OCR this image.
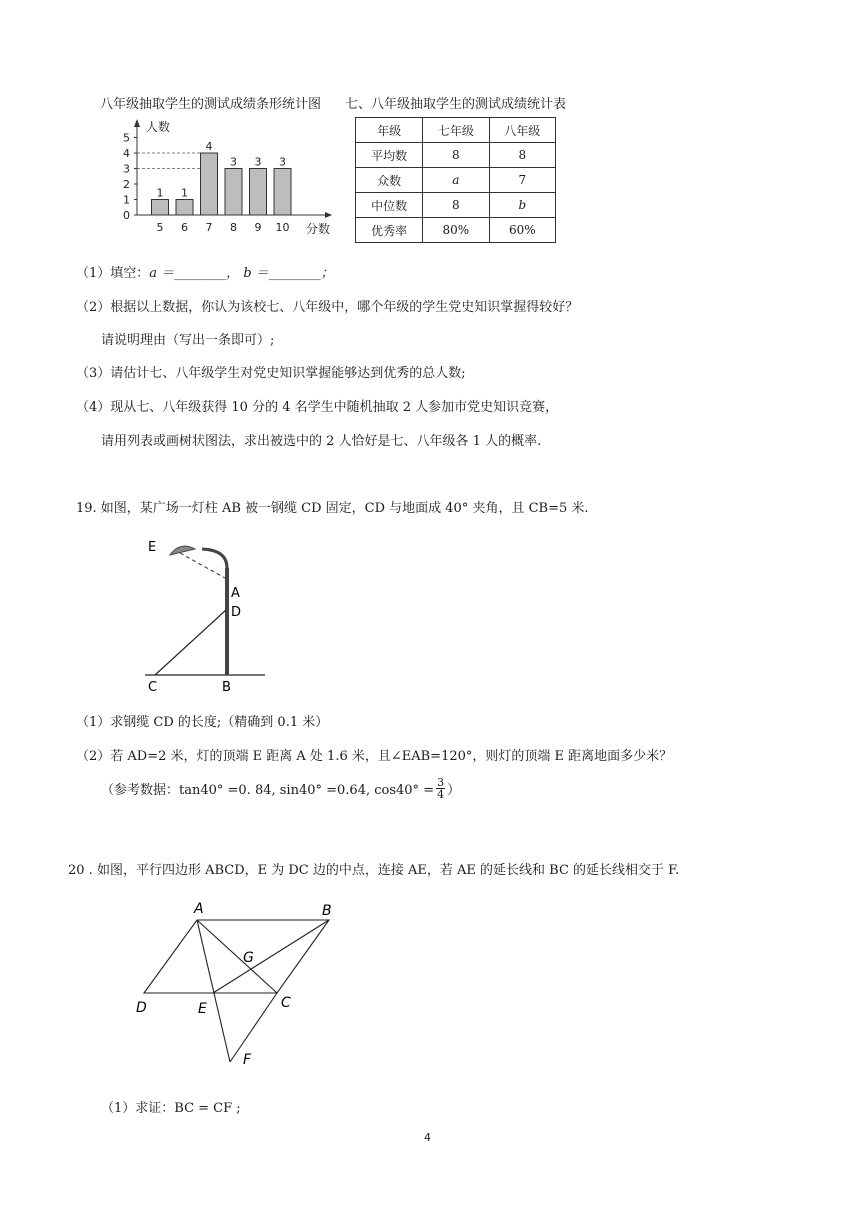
八年级抽取学生的测试成绩条形统计图 七、八年级抽取学生的测试成绩统计表
人数
分数
0
1
2
3
4
5
1
5
1
6
4
7
3
8
3
9
3
10
年级	七年级	八年级
平均数	8	8
众数	a	7
中位数	8	b
优秀率	80%	60%
（1）填空：a ＝________， b ＝________；
（2）根据以上数据，你认为该校七、八年级中，哪个年级的学生党史知识掌握得较好？
请说明理由（写出一条即可）;
（3）请估计七、八年级学生对党史知识掌握能够达到优秀的总人数;
（4）现从七、八年级获得 10 分的 4 名学生中随机抽取 2 人参加市党史知识竞赛，
请用列表或画树状图法，求出被选中的 2 人恰好是七、八年级各 1 人的概率.
19. 如图，某广场一灯柱 AB 被一钢缆 CD 固定，CD 与地面成 40° 夹角，且 CB=5 米.
E
A
D
C	B
（1）求钢缆 CD 的长度;（精确到 0.1 米）
（2）若 AD=2 米，灯的顶端 E 距离 A 处 1.6 米，且∠EAB=120°，则灯的顶端 E 距离地面多少米？
（参考数据：tan40° =0. 84, sin40° =0.64, $\cos 40^\circ = \frac{3}{4}$ ）
20 . 如图，平行四边形 ABCD，E 为 DC 边的中点，连接 AE，若 AE 的延长线和 BC 的延长线相交于 F.
A	B
G
D	E	C
F
（1）求证：BC = CF ;
4
